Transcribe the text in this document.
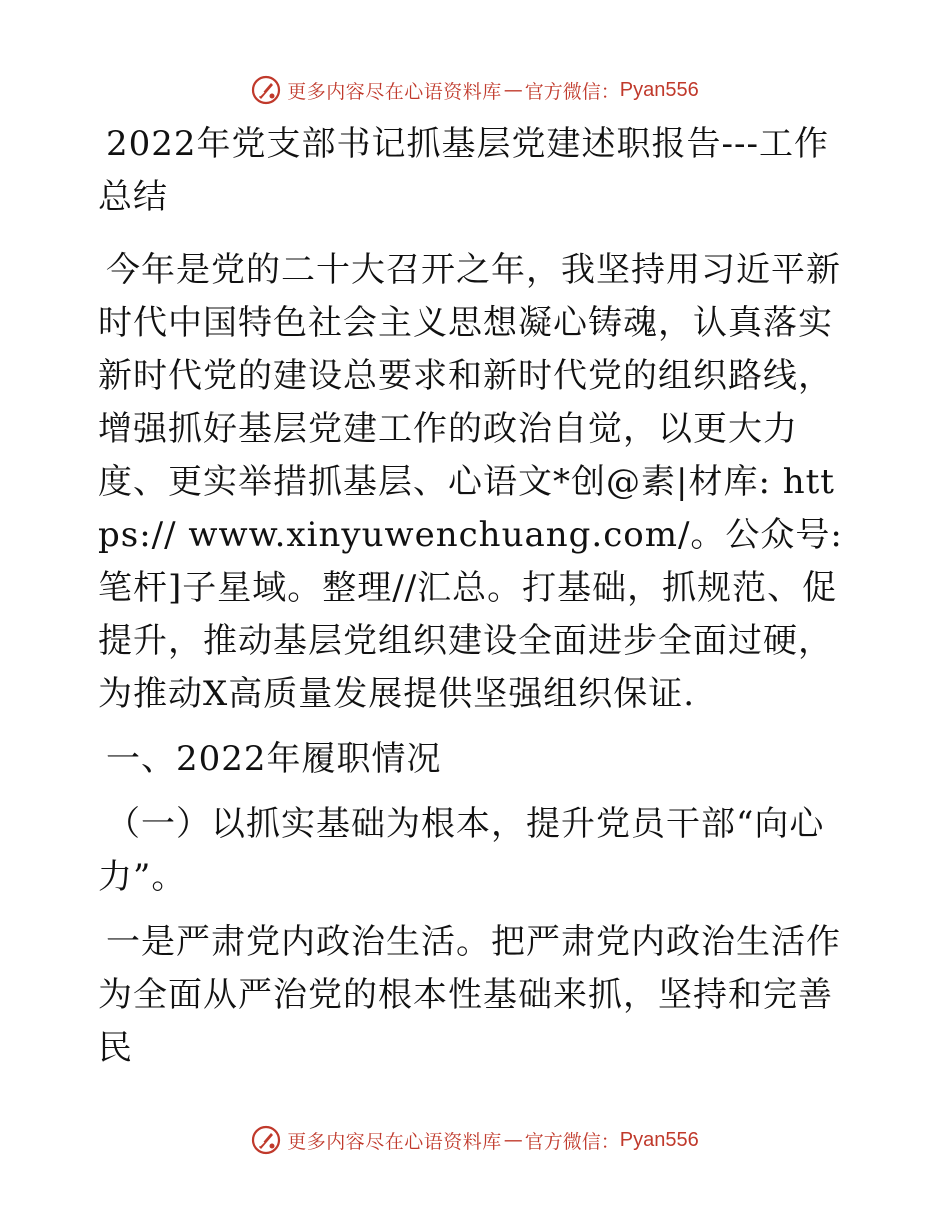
更多内容尽在心语资料库 — 官方微信： Pyan556

2022年党支部书记抓基层党建述职报告---工作总结

今年是党的二十大召开之年，我坚持用习近平新时代中国特色社会主义思想凝心铸魂，认真落实新时代党的建设总要求和新时代党的组织路线，增强抓好基层党建工作的政治自觉，以更大力度、更实举措抓基层、心语文*创@素|材库: https:// www.xinyuwenchuang.com/。公众号: 笔杆]子星域。整理//汇总。打基础，抓规范、促提升，推动基层党组织建设全面进步全面过硬，为推动X高质量发展提供坚强组织保证.

一、2022年履职情况

（一）以抓实基础为根本，提升党员干部“向心力”。

一是严肃党内政治生活。把严肃党内政治生活作为全面从严治党的根本性基础来抓，坚持和完善民

更多内容尽在心语资料库 — 官方微信： Pyan556
